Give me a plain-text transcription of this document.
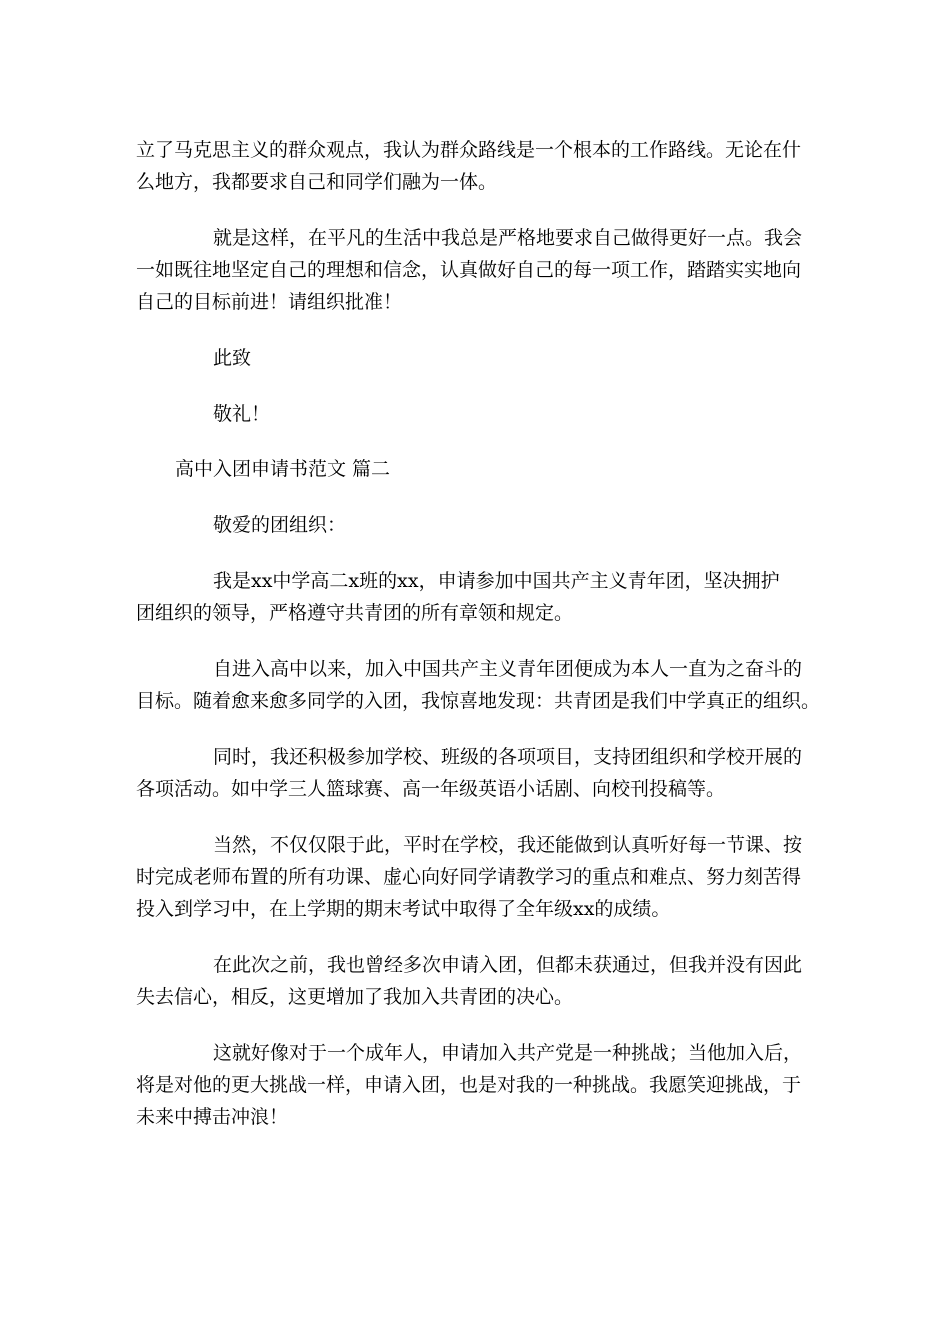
立了马克思主义的群众观点，我认为群众路线是一个根本的工作路线。无论在什
么地方，我都要求自己和同学们融为一体。
就是这样，在平凡的生活中我总是严格地要求自己做得更好一点。我会
一如既往地坚定自己的理想和信念，认真做好自己的每一项工作，踏踏实实地向
自己的目标前进！请组织批准！
此致
敬礼！
高中入团申请书范文 篇二
敬爱的团组织：
我是xx中学高二x班的xx，申请参加中国共产主义青年团，坚决拥护
团组织的领导，严格遵守共青团的所有章领和规定。
自进入高中以来，加入中国共产主义青年团便成为本人一直为之奋斗的
目标。随着愈来愈多同学的入团，我惊喜地发现：共青团是我们中学真正的组织。
同时，我还积极参加学校、班级的各项项目，支持团组织和学校开展的
各项活动。如中学三人篮球赛、高一年级英语小话剧、向校刊投稿等。
当然，不仅仅限于此，平时在学校，我还能做到认真听好每一节课、按
时完成老师布置的所有功课、虚心向好同学请教学习的重点和难点、努力刻苦得
投入到学习中，在上学期的期末考试中取得了全年级xx的成绩。
在此次之前，我也曾经多次申请入团，但都未获通过，但我并没有因此
失去信心，相反，这更增加了我加入共青团的决心。
这就好像对于一个成年人，申请加入共产党是一种挑战；当他加入后，
将是对他的更大挑战一样，申请入团，也是对我的一种挑战。我愿笑迎挑战，于
未来中搏击冲浪！
